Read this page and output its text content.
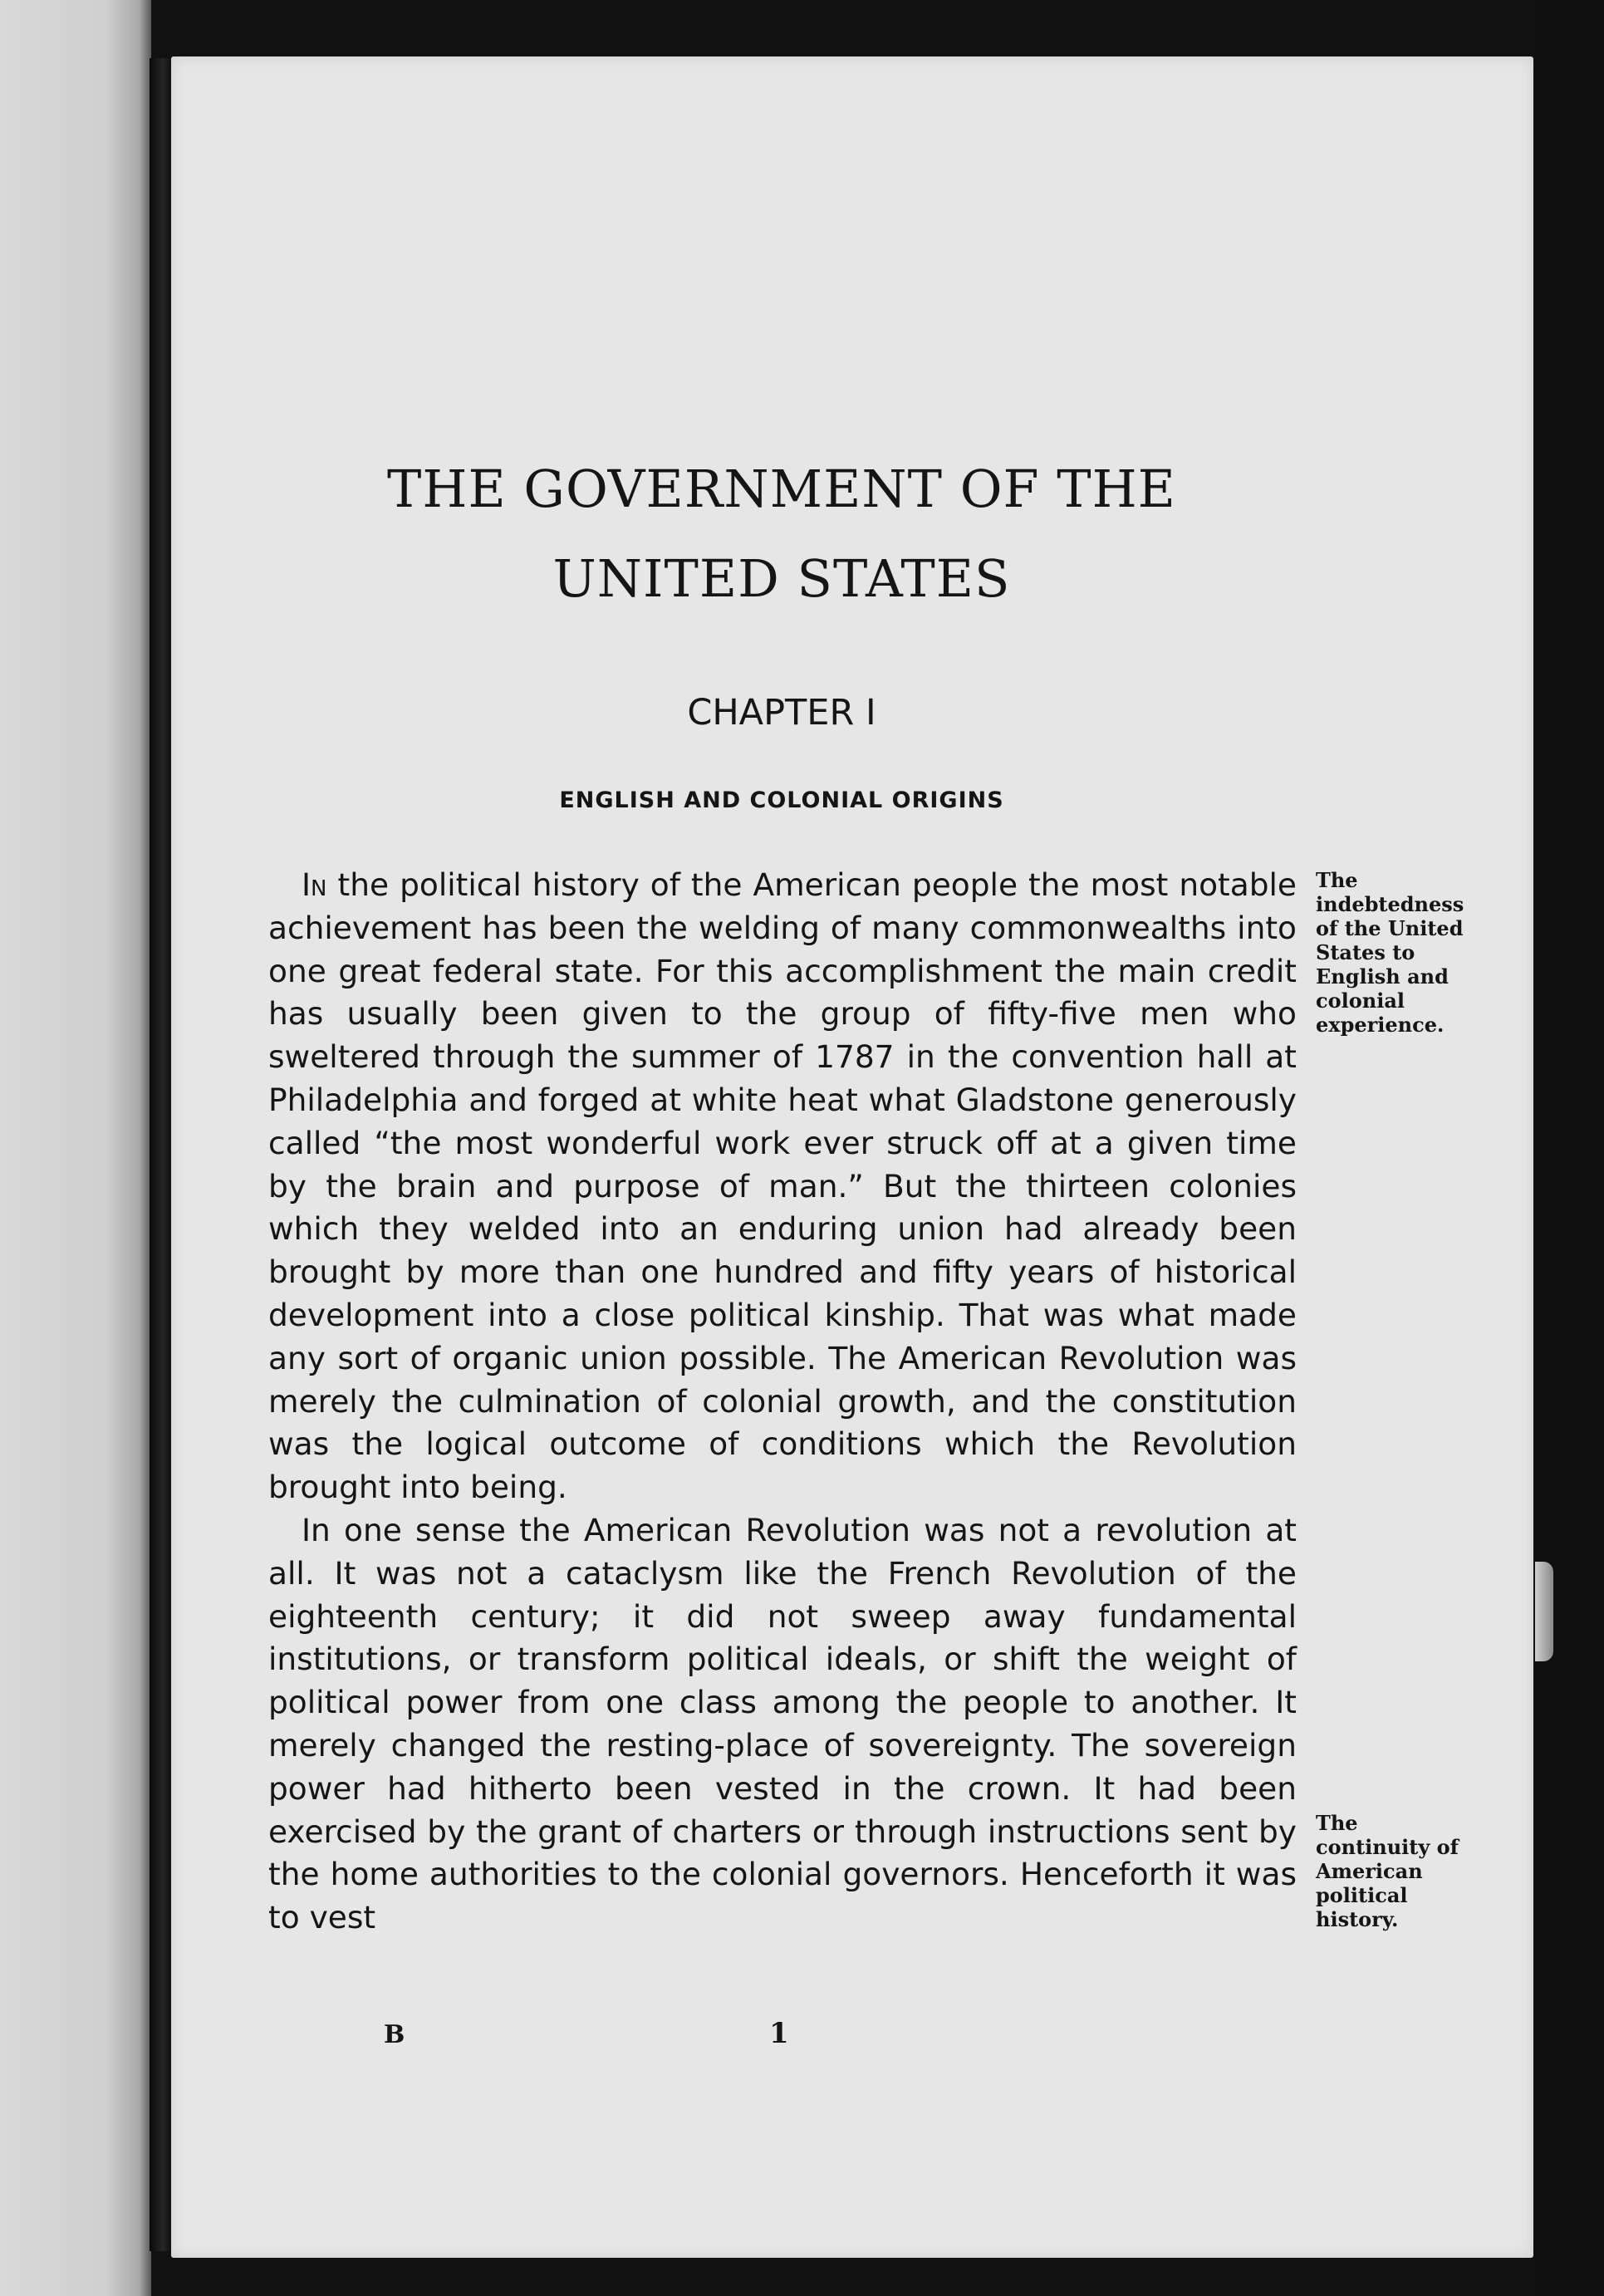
THE GOVERNMENT OF THE
UNITED STATES
CHAPTER I
ENGLISH AND COLONIAL ORIGINS

In the political history of the American people the most notable achievement has been the welding of many commonwealths into one great federal state. For this accomplishment the main credit has usually been given to the group of fifty-five men who sweltered through the summer of 1787 in the convention hall at Philadelphia and forged at white heat what Gladstone generously called “the most wonderful work ever struck off at a given time by the brain and purpose of man.” But the thirteen colonies which they welded into an enduring union had already been brought by more than one hundred and fifty years of historical development into a close political kinship. That was what made any sort of organic union possible. The American Revolution was merely the culmination of colonial growth, and the constitution was the logical outcome of conditions which the Revolution brought into being.

In one sense the American Revolution was not a revolution at all. It was not a cataclysm like the French Revolution of the eighteenth century; it did not sweep away fundamental institutions, or transform political ideals, or shift the weight of political power from one class among the people to another. It merely changed the resting-place of sovereignty. The sovereign power had hitherto been vested in the crown. It had been exercised by the grant of charters or through instructions sent by the home authorities to the colonial governors. Henceforth it was to vest

The indebtedness of the United States to English and colonial experience.

The continuity of American political history.

B	1
